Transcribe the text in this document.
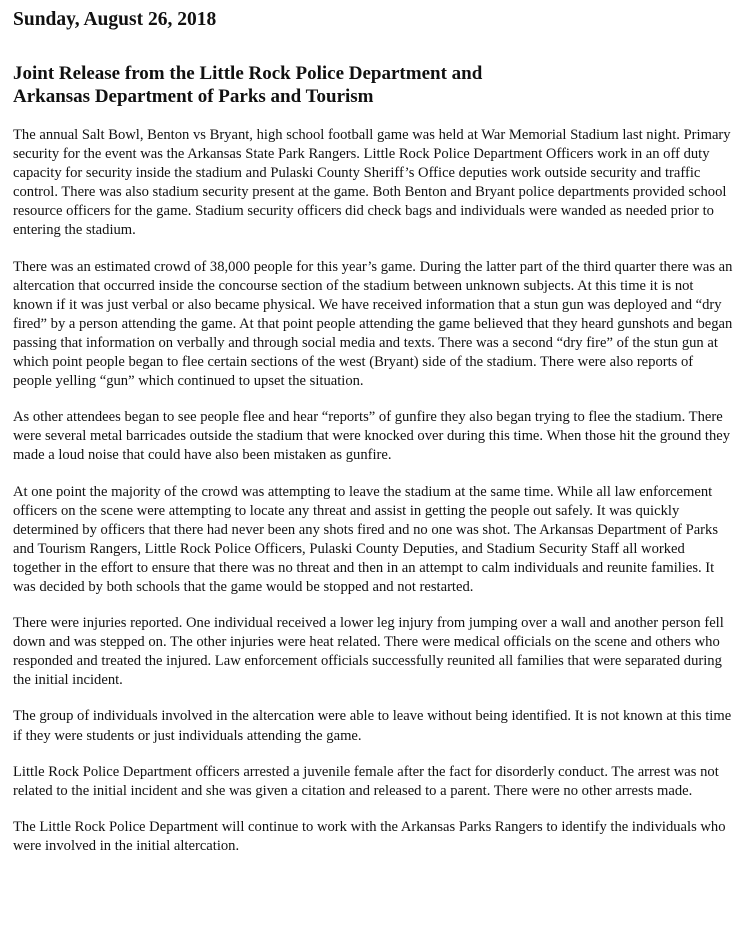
Sunday, August 26, 2018
Joint Release from the Little Rock Police Department and
Arkansas Department of Parks and Tourism

The annual Salt Bowl, Benton vs Bryant, high school football game was held at War Memorial Stadium last night. Primary security for the event was the Arkansas State Park Rangers. Little Rock Police Department Officers work in an off duty capacity for security inside the stadium and Pulaski County Sheriff’s Office deputies work outside security and traffic control. There was also stadium security present at the game. Both Benton and Bryant police departments provided school resource officers for the game. Stadium security officers did check bags and individuals were wanded as needed prior to entering the stadium.

There was an estimated crowd of 38,000 people for this year’s game. During the latter part of the third quarter there was an altercation that occurred inside the concourse section of the stadium between unknown subjects. At this time it is not known if it was just verbal or also became physical. We have received information that a stun gun was deployed and “dry fired” by a person attending the game. At that point people attending the game believed that they heard gunshots and began passing that information on verbally and through social media and texts. There was a second “dry fire” of the stun gun at which point people began to flee certain sections of the west (Bryant) side of the stadium. There were also reports of people yelling “gun” which continued to upset the situation.

As other attendees began to see people flee and hear “reports” of gunfire they also began trying to flee the stadium. There were several metal barricades outside the stadium that were knocked over during this time. When those hit the ground they made a loud noise that could have also been mistaken as gunfire.

At one point the majority of the crowd was attempting to leave the stadium at the same time. While all law enforcement officers on the scene were attempting to locate any threat and assist in getting the people out safely. It was quickly determined by officers that there had never been any shots fired and no one was shot. The Arkansas Department of Parks and Tourism Rangers, Little Rock Police Officers, Pulaski County Deputies, and Stadium Security Staff all worked together in the effort to ensure that there was no threat and then in an attempt to calm individuals and reunite families. It was decided by both schools that the game would be stopped and not restarted.

There were injuries reported. One individual received a lower leg injury from jumping over a wall and another person fell down and was stepped on. The other injuries were heat related. There were medical officials on the scene and others who responded and treated the injured. Law enforcement officials successfully reunited all families that were separated during the initial incident.

The group of individuals involved in the altercation were able to leave without being identified. It is not known at this time if they were students or just individuals attending the game.

Little Rock Police Department officers arrested a juvenile female after the fact for disorderly conduct. The arrest was not related to the initial incident and she was given a citation and released to a parent. There were no other arrests made.

The Little Rock Police Department will continue to work with the Arkansas Parks Rangers to identify the individuals who were involved in the initial altercation.
